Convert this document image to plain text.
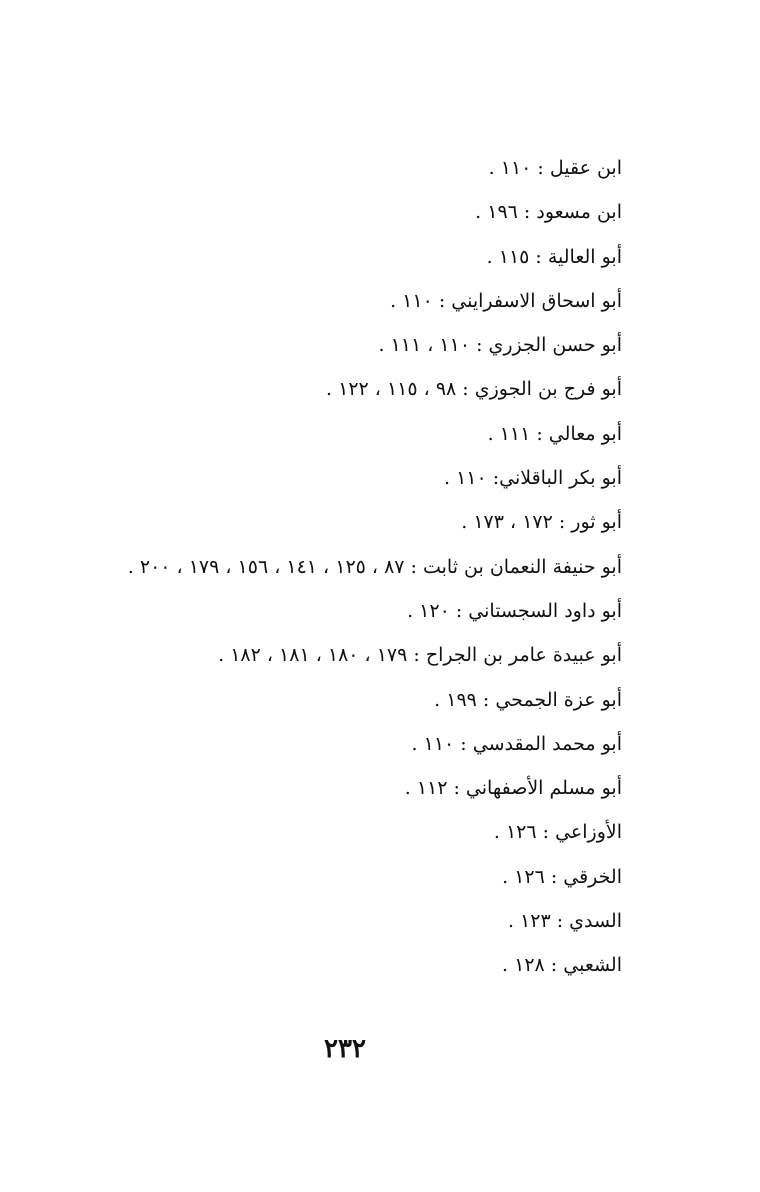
ابن عقيل : ١١٠ .
ابن مسعود : ١٩٦ .
أبو العالية : ١١٥ .
أبو اسحاق الاسفرايني : ١١٠ .
أبو حسن الجزري : ١١٠ ، ١١١ .
أبو فرج بن الجوزي : ٩٨ ، ١١٥ ، ١٢٢ .
أبو معالي : ١١١ .
أبو بكر الباقلاني: ١١٠ .
أبو ثور : ١٧٢ ، ١٧٣ .
أبو حنيفة النعمان بن ثابت : ٨٧ ، ١٢٥ ، ١٤١ ، ١٥٦ ، ١٧٩ ، ٢٠٠ .
أبو داود السجستاني : ١٢٠ .
أبو عبيدة عامر بن الجراح : ١٧٩ ، ١٨٠ ، ١٨١ ، ١٨٢ .
أبو عزة الجمحي : ١٩٩ .
أبو محمد المقدسي : ١١٠ .
أبو مسلم الأصفهاني : ١١٢ .
الأوزاعي : ١٢٦ .
الخرقي : ١٢٦ .
السدي : ١٢٣ .
الشعبي : ١٢٨ .
٢٣٢
